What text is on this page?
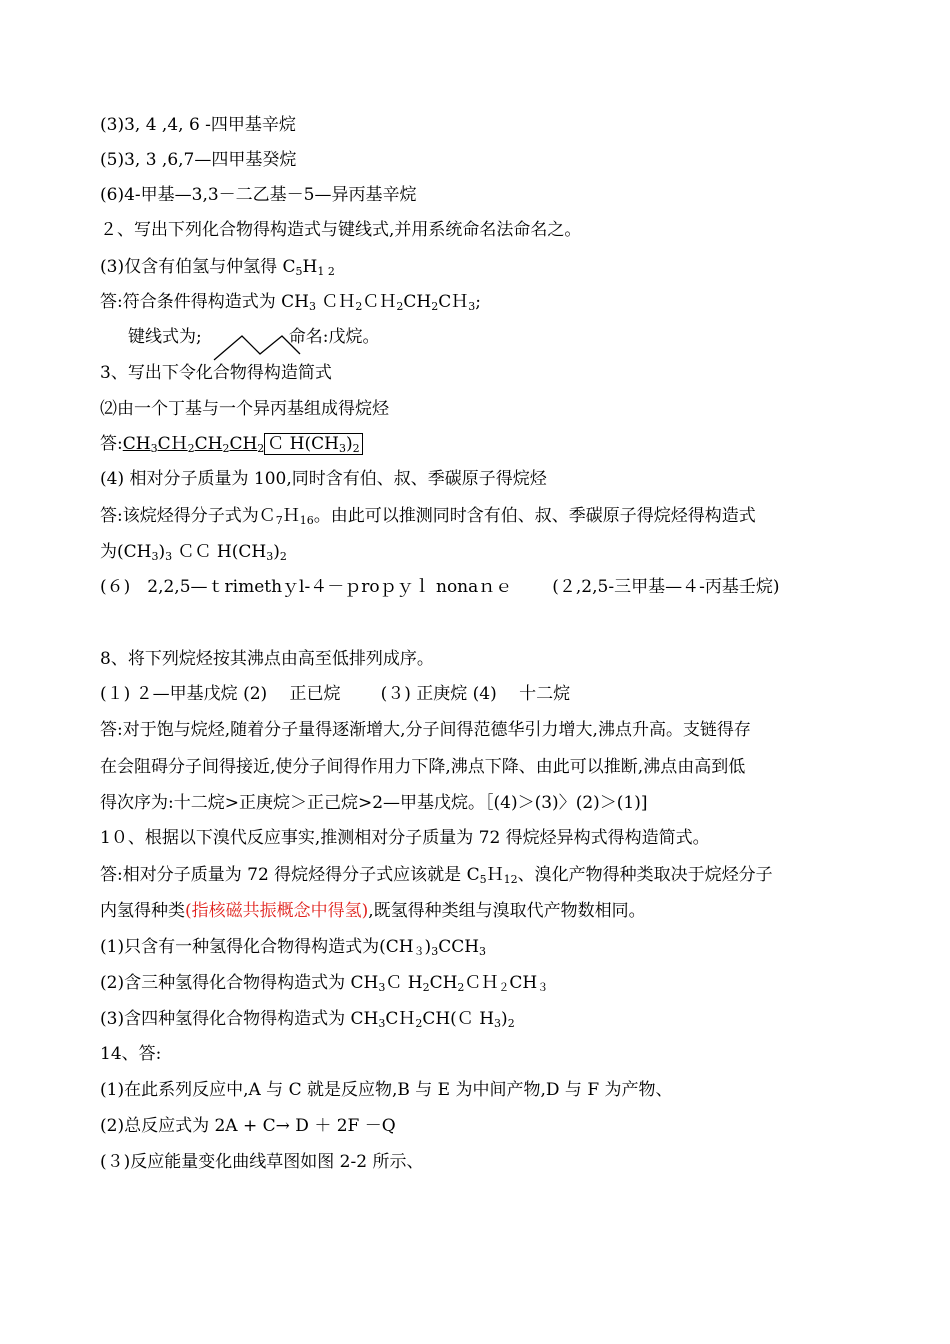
(3)3, 4 ,4, 6 -四甲基辛烷
(5)3, 3 ,6,7—四甲基癸烷
(6)4-甲基—3,3－二乙基－5—异丙基辛烷
２、写出下列化合物得构造式与键线式,并用系统命名法命名之。
(3)仅含有伯氢与仲氢得 $C_5H_{1 2}$
答:符合条件得构造式为 $CH_3$ $CH_2CH_2CH_2CH_3$;
键线式为;	命名:戊烷。
3、写出下令化合物得构造简式
⑵由一个丁基与一个异丙基组成得烷烃
答$:CH_3CH_2CH_2CH_2$ Ｃ $H(CH_3)_2$
(4) 相对分子质量为 100,同时含有伯、叔、季碳原子得烷烃
答:该烷烃得分子式为Ｃ$_7$Ｈ$_{16}$。由此可以推测同时含有伯、叔、季碳原子得烷烃得构造式
为$(CH_3)_3$ ＣＣ $H(CH_3)_2$
(６)　2,2,5—ｔrimethｙl-４－ｐroｐｙｌ nonaｎｅ (２,2,5-三甲基—４-丙基壬烷)
8、将下列烷烃按其沸点由高至低排列成序。
(１) ２—甲基戊烷 (2)　 正已烷 (３) 正庚烷 (4)　 十二烷
答:对于饱与烷烃,随着分子量得逐渐增大,分子间得范德华引力增大,沸点升高。支链得存
在会阻碍分子间得接近,使分子间得作用力下降,沸点下降、由此可以推断,沸点由高到低
得次序为:十二烷>正庚烷＞正己烷>2—甲基戊烷。［(4)＞(3)〉(2)＞(1)]
1０、根据以下溴代反应事实,推测相对分子质量为 72 得烷烃异构式得构造简式。
答:相对分子质量为 72 得烷烃得分子式应该就是 $C_5H_{12}$、溴化产物得种类取决于烷烃分子
内氢得种类(指核磁共振概念中得氢),既氢得种类组与溴取代产物数相同。
(1)只含有一种氢得化合物得构造式为$(CH_3)_3CCH_3$
(2)含三种氢得化合物得构造式为 $CH_3C$ $H_2CH_2CH_2CH_3$
(3)含四种氢得化合物得构造式为 $CH_3CH_2CH(C$ $H_3)_2$
14、答:
(1)在此系列反应中,A 与 C 就是反应物,B 与 E 为中间产物,D 与 F 为产物、
(2)总反应式为 2A + C→ D ＋ 2F －Q
(３)反应能量变化曲线草图如图 2-2 所示、
